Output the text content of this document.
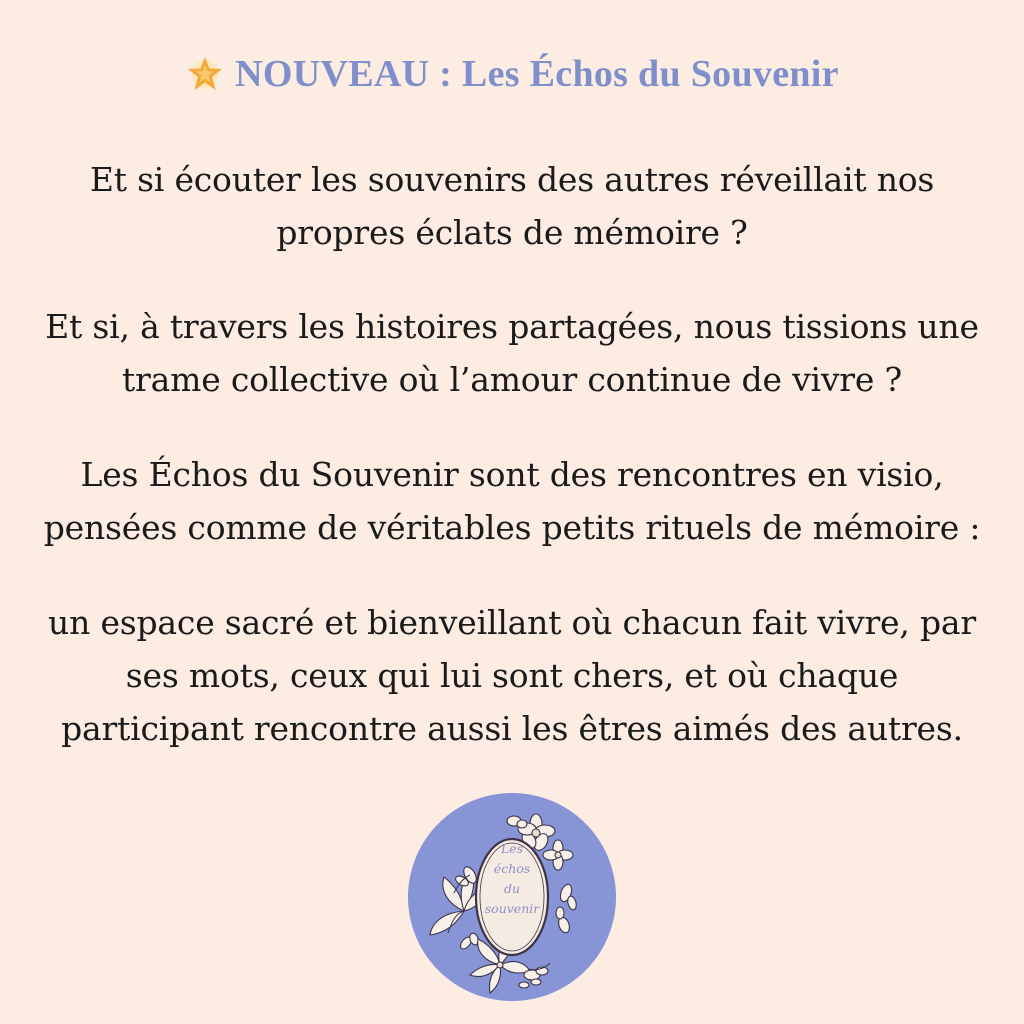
NOUVEAU : Les Échos du Souvenir
Et si écouter les souvenirs des autres réveillait nos
propres éclats de mémoire ?
Et si, à travers les histoires partagées, nous tissions une
trame collective où l’amour continue de vivre ?
Les Échos du Souvenir sont des rencontres en visio,
pensées comme de véritables petits rituels de mémoire :
un espace sacré et bienveillant où chacun fait vivre, par
ses mots, ceux qui lui sont chers, et où chaque
participant rencontre aussi les êtres aimés des autres.
Les
échos
du
souvenir
